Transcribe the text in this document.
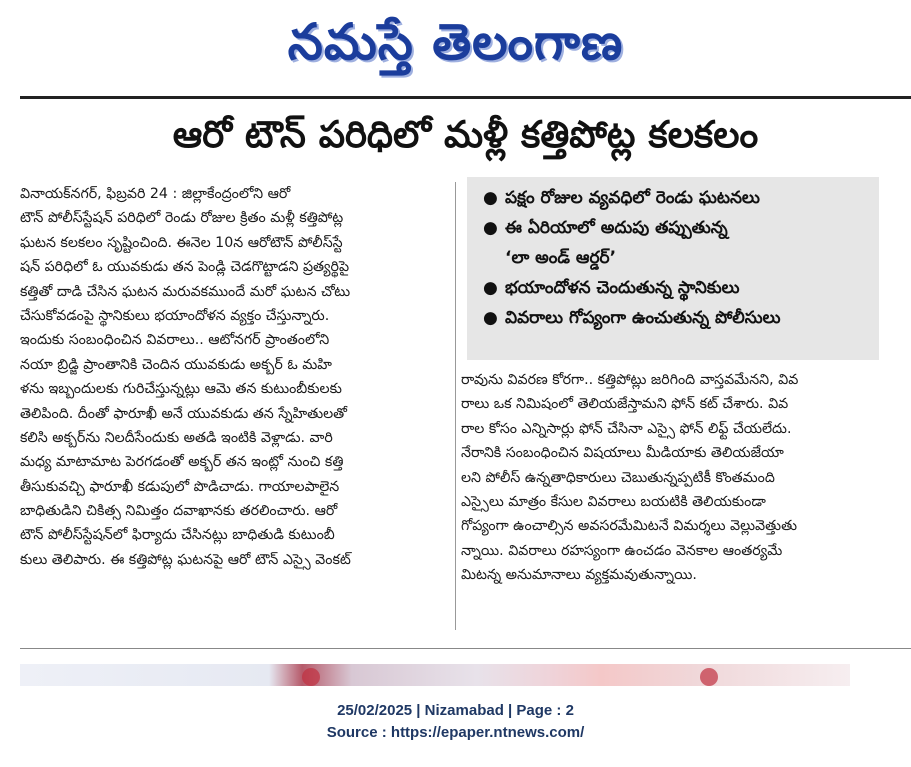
నమస్తే తెలంగాణ
ఆరో టౌన్ పరిధిలో మళ్లీ కత్తిపోట్ల కలకలం
వినాయక్‌నగర్, ఫిబ్రవరి 24 : జిల్లాకేంద్రంలోని ఆరో
టౌన్ పోలీస్‌స్టేషన్ పరిధిలో రెండు రోజుల క్రితం మళ్లీ కత్తిపోట్ల
ఘటన కలకలం సృష్టించింది. ఈనెల 10న ఆరోటౌన్ పోలీస్‌స్టే
షన్ పరిధిలో ఓ యువకుడు తన పెండ్లి చెడగొట్టాడని ప్రత్యర్థిపై
కత్తితో దాడి చేసిన ఘటన మరువకముందే మరో ఘటన చోటు
చేసుకోవడంపై స్థానికులు భయాందోళన వ్యక్తం చేస్తున్నారు.
ఇందుకు సంబంధించిన వివరాలు.. ఆటోనగర్ ప్రాంతంలోని
నయా బ్రిడ్జి ప్రాంతానికి చెందిన యువకుడు అక్బర్ ఓ మహి
ళను ఇబ్బందులకు గురిచేస్తున్నట్లు ఆమె తన కుటుంబీకులకు
తెలిపింది. దీంతో ఫారూఖీ అనే యువకుడు తన స్నేహితులతో
కలిసి అక్బర్‌ను నిలదీసేందుకు అతడి ఇంటికి వెళ్లాడు. వారి
మధ్య మాటామాట పెరగడంతో అక్బర్ తన ఇంట్లో నుంచి కత్తి
తీసుకువచ్చి ఫారూఖీ కడుపులో పొడిచాడు. గాయాలపాలైన
బాధితుడిని చికిత్స నిమిత్తం దవాఖానకు తరలించారు. ఆరో
టౌన్ పోలీస్‌స్టేషన్‌లో ఫిర్యాదు చేసినట్లు బాధితుడి కుటుంబీ
కులు తెలిపారు. ఈ కత్తిపోట్ల ఘటనపై ఆరో టౌన్ ఎస్సై వెంకట్
● పక్షం రోజుల వ్యవధిలో రెండు ఘటనలు
● ఈ ఏరియాలో అదుపు తప్పుతున్న
‘లా అండ్ ఆర్డర్’
● భయాందోళన చెందుతున్న స్థానికులు
● వివరాలు గోప్యంగా ఉంచుతున్న పోలీసులు
రావును వివరణ కోరగా.. కత్తిపోట్లు జరిగింది వాస్తవమేనని, వివ
రాలు ఒక నిమిషంలో తెలియజేస్తామని ఫోన్ కట్ చేశారు. వివ
రాల కోసం ఎన్నిసార్లు ఫోన్ చేసినా ఎస్సై ఫోన్ లిఫ్ట్ చేయలేదు.
నేరానికి సంబంధించిన విషయాలు మీడియాకు తెలియజేయా
లని పోలీస్ ఉన్నతాధికారులు చెబుతున్నప్పటికీ కొంతమంది
ఎస్సైలు మాత్రం కేసుల వివరాలు బయటికి తెలియకుండా
గోప్యంగా ఉంచాల్సిన అవసరమేమిటనే విమర్శలు వెల్లువెత్తుతు
న్నాయి. వివరాలు రహస్యంగా ఉంచడం వెనకాల ఆంతర్యమే
మిటన్న అనుమానాలు వ్యక్తమవుతున్నాయి.
25/02/2025 | Nizamabad | Page : 2
Source : https://epaper.ntnews.com/
